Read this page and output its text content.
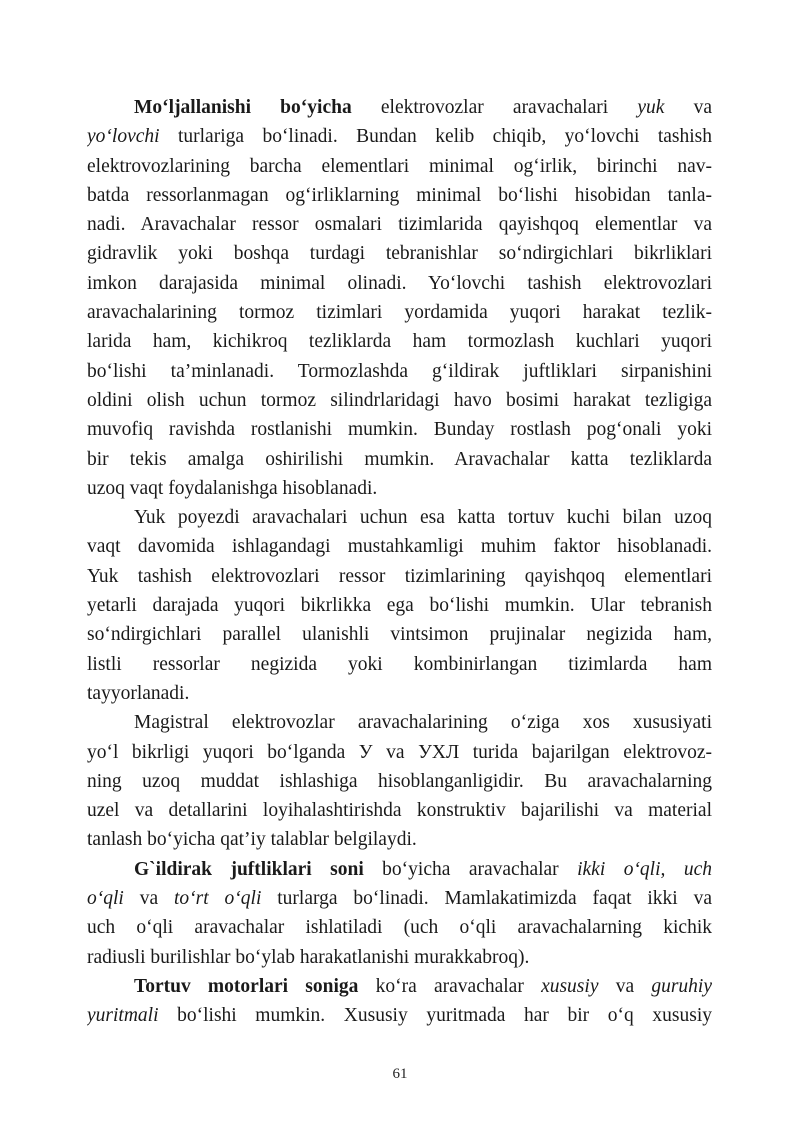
Mo‘ljallanishi bo‘yicha elektrovozlar aravachalari yuk va
yo‘lovchi turlariga bo‘linadi. Bundan kelib chiqib, yo‘lovchi tashish
elektrovozlarining barcha elementlari minimal og‘irlik, birinchi nav-
batda ressorlanmagan og‘irliklarning minimal bo‘lishi hisobidan tanla-
nadi. Aravachalar ressor osmalari tizimlarida qayishqoq elementlar va
gidravlik yoki boshqa turdagi tebranishlar so‘ndirgichlari bikrliklari
imkon darajasida minimal olinadi. Yo‘lovchi tashish elektrovozlari
aravachalarining tormoz tizimlari yordamida yuqori harakat tezlik-
larida ham, kichikroq tezliklarda ham tormozlash kuchlari yuqori
bo‘lishi ta’minlanadi. Tormozlashda g‘ildirak juftliklari sirpanishini
oldini olish uchun tormoz silindrlaridagi havo bosimi harakat tezligiga
muvofiq ravishda rostlanishi mumkin. Bunday rostlash pog‘onali yoki
bir tekis amalga oshirilishi mumkin. Aravachalar katta tezliklarda
uzoq vaqt foydalanishga hisoblanadi.
Yuk poyezdi aravachalari uchun esa katta tortuv kuchi bilan uzoq
vaqt davomida ishlagandagi mustahkamligi muhim faktor hisoblanadi.
Yuk tashish elektrovozlari ressor tizimlarining qayishqoq elementlari
yetarli darajada yuqori bikrlikka ega bo‘lishi mumkin. Ular tebranish
so‘ndirgichlari parallel ulanishli vintsimon prujinalar negizida ham,
listli ressorlar negizida yoki kombinirlangan tizimlarda ham
tayyorlanadi.
Magistral elektrovozlar aravachalarining o‘ziga xos xususiyati
yo‘l bikrligi yuqori bo‘lganda У va УХЛ turida bajarilgan elektrovoz-
ning uzoq muddat ishlashiga hisoblanganligidir. Bu aravachalarning
uzel va detallarini loyihalashtirishda konstruktiv bajarilishi va material
tanlash bo‘yicha qat’iy talablar belgilaydi.
G`ildirak juftliklari soni bo‘yicha aravachalar ikki o‘qli, uch
o‘qli va to‘rt o‘qli turlarga bo‘linadi. Mamlakatimizda faqat ikki va
uch o‘qli aravachalar ishlatiladi (uch o‘qli aravachalarning kichik
radiusli burilishlar bo‘ylab harakatlanishi murakkabroq).
Tortuv motorlari soniga ko‘ra aravachalar xususiy va guruhiy
yuritmali bo‘lishi mumkin. Xususiy yuritmada har bir o‘q xususiy
61
